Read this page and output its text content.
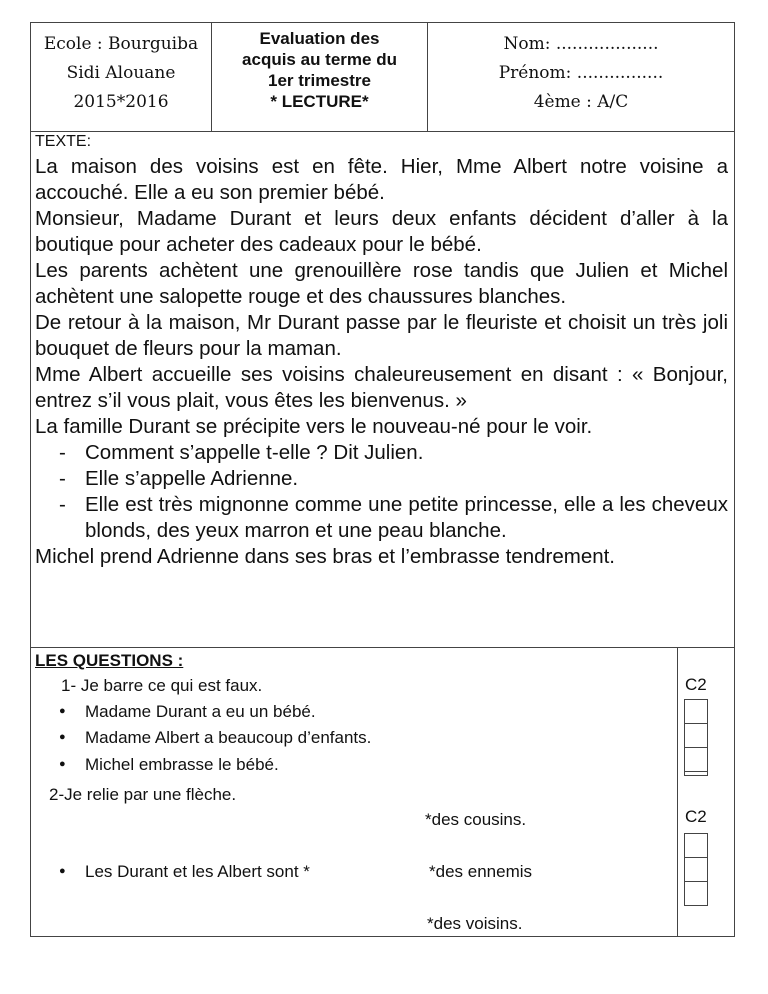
Ecole : Bourguiba
Sidi Alouane
2015*2016
Evaluation des
acquis au terme du
1er trimestre
* LECTURE*
Nom: ...................
Prénom: ................
4ème : A/C
TEXTE:

La maison des voisins est en fête. Hier, Mme Albert notre voisine a accouché. Elle a eu son premier bébé.

Monsieur, Madame Durant et leurs deux enfants décident d’aller à la boutique pour acheter des cadeaux pour le bébé.

Les parents achètent une grenouillère rose tandis que Julien et Michel achètent une salopette rouge et des chaussures blanches.

De retour à la maison, Mr Durant passe par le fleuriste et choisit un très joli bouquet de fleurs pour la maman.

Mme Albert accueille ses voisins chaleureusement en disant : « Bonjour, entrez s’il vous plait, vous êtes les bienvenus. »

La famille Durant se précipite vers le nouveau-né pour le voir.

- Comment s’appelle t-elle ? Dit Julien.

- Elle s’appelle Adrienne.

- Elle est très mignonne comme une petite princesse, elle a les cheveux blonds, des yeux marron et une peau blanche.

Michel prend Adrienne dans ses bras et l’embrasse tendrement.

LES QUESTIONS :
1- Je barre ce qui est faux.
● Madame Durant a eu un bébé.
● Madame Albert a beaucoup d’enfants.
● Michel embrasse le bébé.
2-Je relie par une flèche.
*des cousins.
● Les Durant et les Albert sont *	*des ennemis
*des voisins.
C2
C2
